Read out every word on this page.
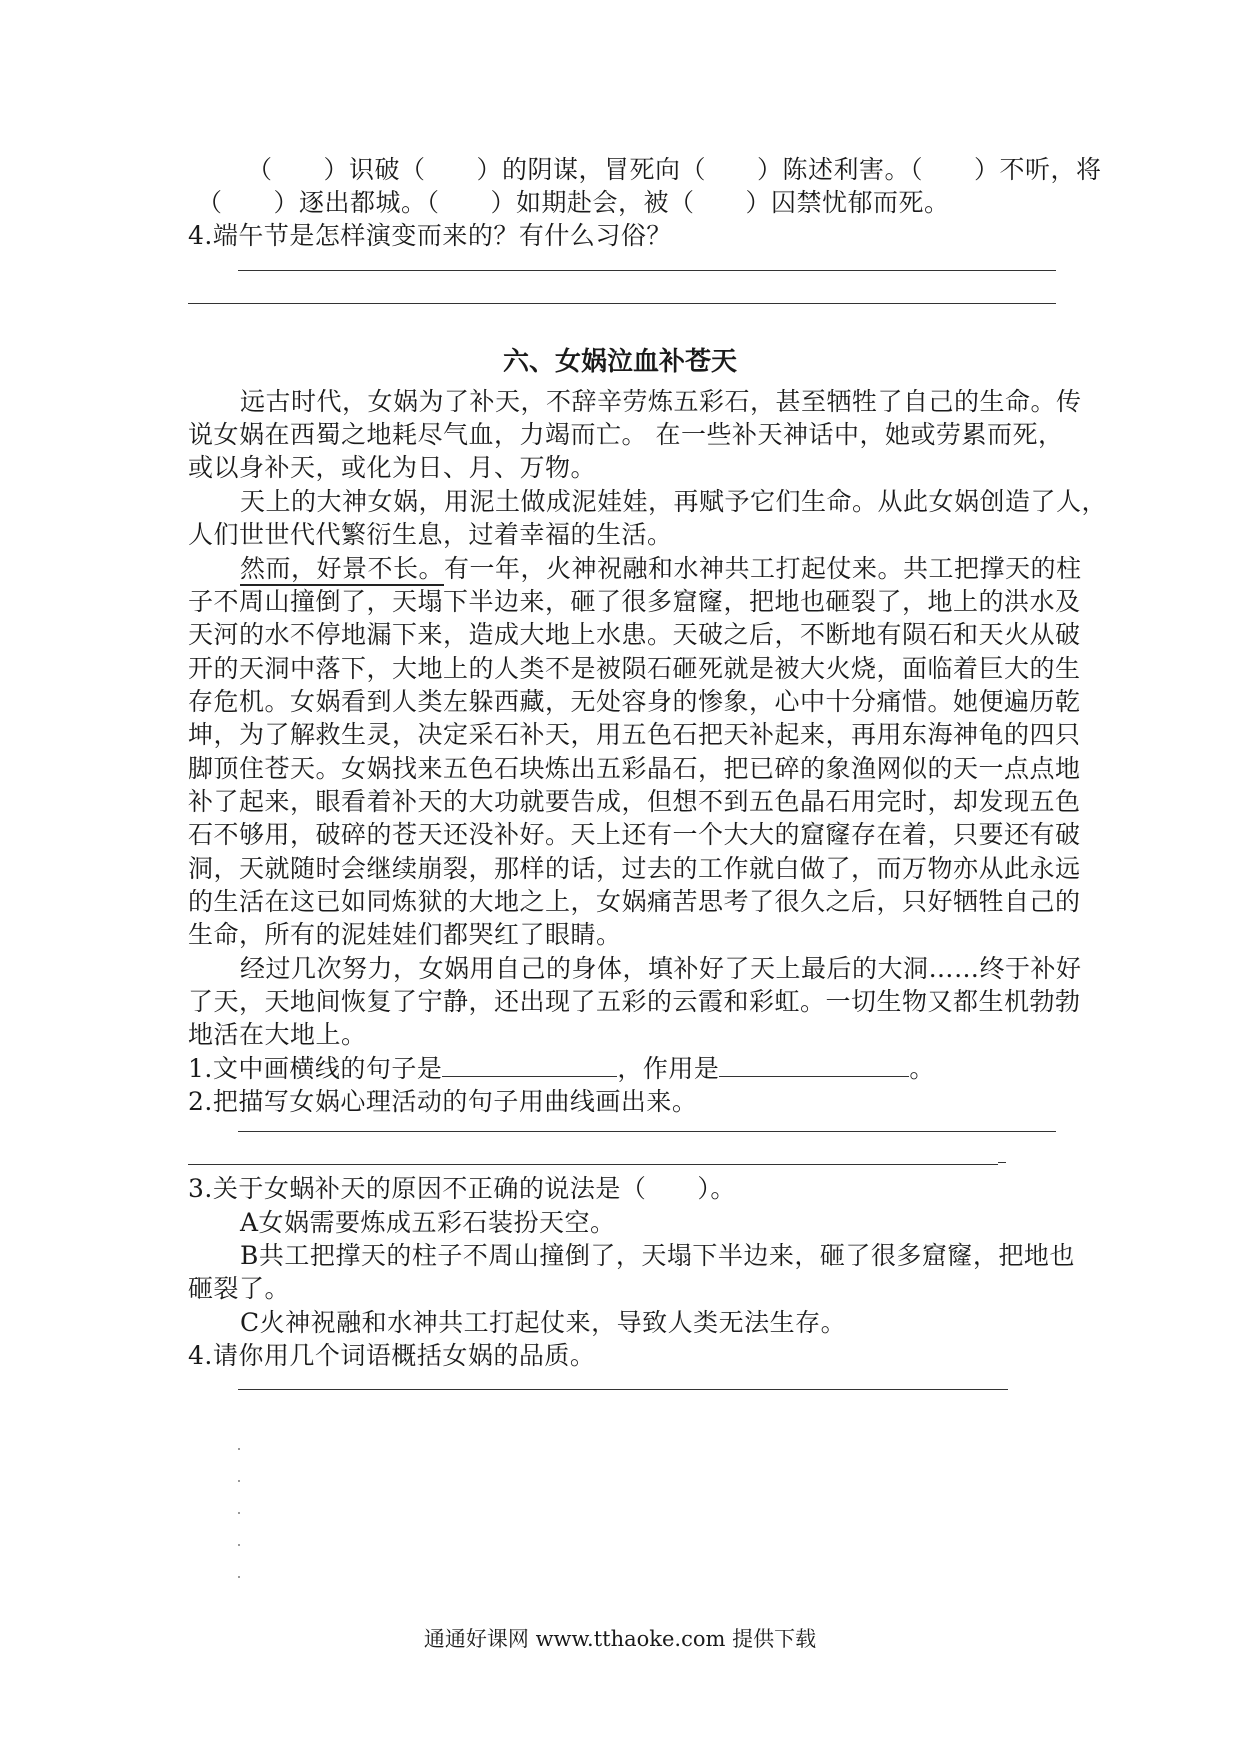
（　　）识破（　　）的阴谋，冒死向（　　）陈述利害。（　　）不听，将
（　　）逐出都城。（　　）如期赴会，被（　　）囚禁忧郁而死。
4.端午节是怎样演变而来的？有什么习俗？
六、女娲泣血补苍天
远古时代，女娲为了补天，不辞辛劳炼五彩石，甚至牺牲了自己的生命。传
说女娲在西蜀之地耗尽气血，力竭而亡。 在一些补天神话中，她或劳累而死，
或以身补天，或化为日、月、万物。
天上的大神女娲，用泥土做成泥娃娃，再赋予它们生命。从此女娲创造了人，
人们世世代代繁衍生息，过着幸福的生活。
然而，好景不长。有一年，火神祝融和水神共工打起仗来。共工把撑天的柱
子不周山撞倒了，天塌下半边来，砸了很多窟窿，把地也砸裂了，地上的洪水及
天河的水不停地漏下来，造成大地上水患。天破之后，不断地有陨石和天火从破
开的天洞中落下，大地上的人类不是被陨石砸死就是被大火烧，面临着巨大的生
存危机。女娲看到人类左躲西藏，无处容身的惨象，心中十分痛惜。她便遍历乾
坤，为了解救生灵，决定采石补天，用五色石把天补起来，再用东海神龟的四只
脚顶住苍天。女娲找来五色石块炼出五彩晶石，把已碎的象渔网似的天一点点地
补了起来，眼看着补天的大功就要告成，但想不到五色晶石用完时，却发现五色
石不够用，破碎的苍天还没补好。天上还有一个大大的窟窿存在着，只要还有破
洞，天就随时会继续崩裂，那样的话，过去的工作就白做了，而万物亦从此永远
的生活在这已如同炼狱的大地之上，女娲痛苦思考了很久之后，只好牺牲自己的
生命，所有的泥娃娃们都哭红了眼睛。
经过几次努力，女娲用自己的身体，填补好了天上最后的大洞……终于补好
了天，天地间恢复了宁静，还出现了五彩的云霞和彩虹。一切生物又都生机勃勃
地活在大地上。
1.文中画横线的句子是	，作用是	。
2.把描写女娲心理活动的句子用曲线画出来。
3.关于女蜗补天的原因不正确的说法是（　　）。
A女娲需要炼成五彩石装扮天空。
B共工把撑天的柱子不周山撞倒了，天塌下半边来，砸了很多窟窿，把地也
砸裂了。
C火神祝融和水神共工打起仗来，导致人类无法生存。
4.请你用几个词语概括女娲的品质。
通通好课网 www.tthaoke.com 提供下载
